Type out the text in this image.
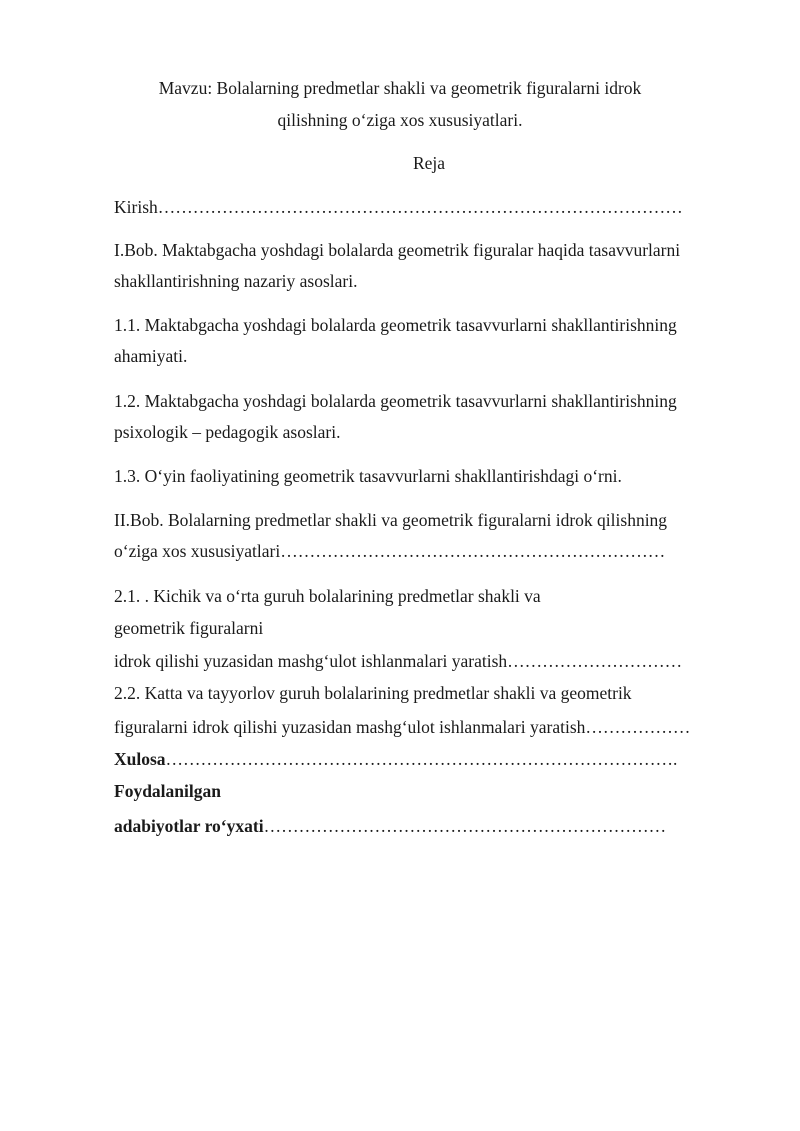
Mavzu: Bolalarning predmetlar shakli va geometrik figuralarni idrok
qilishning o‘ziga xos xususiyatlari.
Reja
Kirish………………………………………………………………………………
I.Bob. Maktabgacha yoshdagi bolalarda geometrik figuralar haqida tasavvurlarni
shakllantirishning nazariy asoslari.
1.1. Maktabgacha yoshdagi bolalarda geometrik tasavvurlarni shakllantirishning
ahamiyati.
1.2. Maktabgacha yoshdagi bolalarda geometrik tasavvurlarni shakllantirishning
psixologik – pedagogik asoslari.
1.3. O‘yin faoliyatining geometrik tasavvurlarni shakllantirishdagi o‘rni.
II.Bob. Bolalarning predmetlar shakli va geometrik figuralarni idrok qilishning
o‘ziga xos xususiyatlari…………………………………………………………
2.1. . Kichik va o‘rta guruh bolalarining predmetlar shakli va
geometrik figuralarni
idrok qilishi yuzasidan mashg‘ulot ishlanmalari yaratish…………………………
2.2. Katta va tayyorlov guruh bolalarining predmetlar shakli va geometrik
figuralarni idrok qilishi yuzasidan mashg‘ulot ishlanmalari yaratish………………
Xulosa…………………………………………………………………………….
Foydalanilgan
adabiyotlar ro‘yxati……………………………………………………………
